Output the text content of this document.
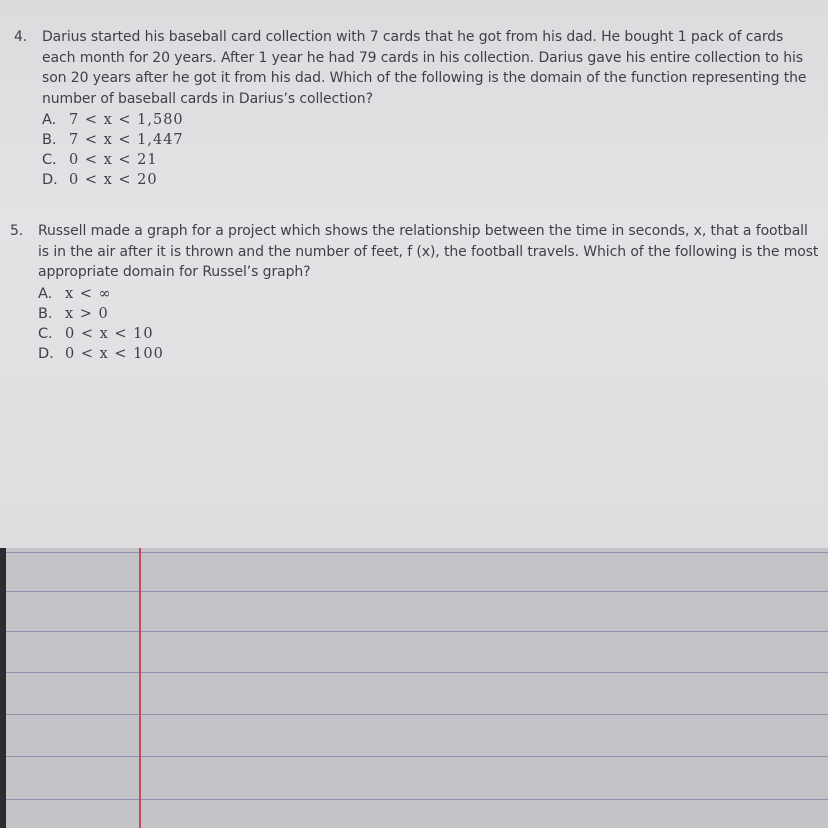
4. Darius started his baseball card collection with 7 cards that he got from his dad. He bought 1 pack of cards each month for 20 years. After 1 year he had 79 cards in his collection. Darius gave his entire collection to his son 20 years after he got it from his dad. Which of the following is the domain of the function representing the number of baseball cards in Darius’s collection?
A. 7 < x < 1,580
B. 7 < x < 1,447
C. 0 < x < 21
D. 0 < x < 20
5. Russell made a graph for a project which shows the relationship between the time in seconds, x, that a football is in the air after it is thrown and the number of feet, f (x), the football travels. Which of the following is the most appropriate domain for Russel’s graph?
A. x < ∞
B. x > 0
C. 0 < x < 10
D. 0 < x < 100
